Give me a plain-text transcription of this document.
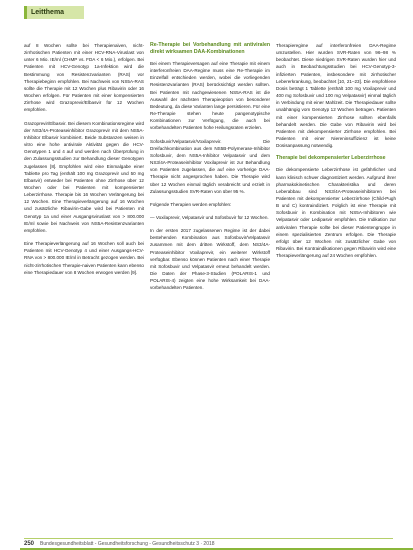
Leitthema

auf 8 Wochen sollte bei Therapienaiven, nicht-zirrhotischen Patienten mit einer HCV-RNA-Viruslast von unter 6 Mio. IE/ml (CHMP vs. FDA < 6 Mio.), erfolgen. Bei Patienten mit HCV-Genotyp 1a-Infektion wird die Bestimmung von Resistenzvarianten (RAS) vor Therapiebeginn empfohlen. Bei Nachweis von NS5A-RAS sollte die Therapie mit 12 Wochen plus Ribavirin oder 16 Wochen erfolgen. Für Patienten mit einer kompensierten Zirrhose wird Grazoprevir/Elbasvir für 12 Wochen empfohlen.

Grazoprevir/Elbasvir. Bei diesem Kombinationsregime wird der NS3/4A-Proteaseinhibitor Grazoprevir mit dem NS5A-Inhibitor Elbasvir kombiniert. Beide Substanzen weisen in vitro eine hohe antivirale Aktivität gegen die HCV-Genotypen 1 und 4 auf und werden nach Überprüfung in den Zulassungsstudien zur Behandlung dieser Genotypen zugelassen [8]. Empfohlen wird eine Einmalgabe einer Tablette pro Tag (enthält 100 mg Grazoprevir und 50 mg Elbasvir) entweder bei Patienten ohne Zirrhose über 12 Wochen oder bei Patienten mit kompensierter Leberzirrhose. Therapie bis 16 Wochen Verlängerung bei 12 Wochen. Eine Therapieverlängerung auf 16 Wochen und zusätzliche Ribavirin-Gabe wird bei Patienten mit Genotyp 1a und einer Ausgangsviruslast von > 800.000 IE/ml sowie bei Nachweis von NS5A-Resistenzvarianten empfohlen.

Eine Therapieverlängerung auf 16 Wochen soll auch bei Patienten mit HCV-Genotyp 4 und einer Ausgangs-HCV-RNA von > 800.000 IE/ml in Betracht gezogen werden. Bei nicht-zirrhotischen Therapie-naiven Patienten kann ebenso eine Therapiedauer von 8 Wochen erwogen werden [9].

Re-Therapie bei Vorbehandlung mit antiviralen direkt wirksamen DAA-Kombinationen

Bei einem Therapieversagen auf eine Therapie mit einem interferonfreien DAA-Regime muss eine Re-Therapie im Einzelfall entschieden werden, wobei die vorliegenden Resistenzvarianten (RAS) berücksichtigt werden sollten. Bei Patienten mit nachgewiesenen NS5A-RAS ist die Auswahl der nächsten Therapieoption von besonderer Bedeutung, da diese Varianten lange persistieren. Für eine Re-Therapie stehen heute pangenotypische Kombinationen zur Verfügung, die auch bei vorbehandelten Patienten hohe Heilungsraten erzielen.

Sofosbuvir/Velpatasvir/Voxilaprevir. Die Dreifachkombination aus dem NS5B-Polymerase-Inhibitor Sofosbuvir, dem NS5A-Inhibitor Velpatasvir und dem NS3/4A-Proteaseinhibitor Voxilaprevir ist zur Behandlung von Patienten zugelassen, die auf eine vorherige DAA-Therapie nicht angesprochen haben. Die Therapie wird über 12 Wochen einmal täglich verabreicht und erzielt in Zulassungsstudien SVR-Raten von über 95 %.

Folgende Therapien werden empfohlen:

— Voxilaprevir, Velpatasvir und Sofosbuvir für 12 Wochen.

In der ersten 2017 zugelassenen Regime ist der dabei bestehenden Kombination aus Sofosbuvir/Velpatasvir zusammen mit dem dritten Wirkstoff, dem NS3/4A-Proteaseinhibitor Voxilaprevir, ein weiterer Wirkstoff verfügbar. Ebenso können Patienten nach einer Therapie mit Sofosbuvir und Velpatasvir erneut behandelt werden. Die Daten der Phase-3-Studien (POLARIS-1 und POLARIS-4) zeigten eine hohe Wirksamkeit bei DAA-vorbehandelten Patienten.

Therapieregime auf interferonfreien DAA-Regime umzustellen. Hier wurden SVR-Raten von 96–98 % beobachtet. Diese niedrigen SVR-Raten wurden hier und auch in Beobachtungsstudien bei HCV-Genotyp-3-infizierten Patienten, insbesondere mit zirrhotischer Lebererkrankung, beobachtet [10, 21–23]. Die empfohlene Dosis beträgt 1 Tablette (enthält 100 mg Voxilaprevir und 400 mg Sofosbuvir und 100 mg Velpatasvir) einmal täglich in Verbindung mit einer Mahlzeit. Die Therapiedauer sollte unabhängig vom Genotyp 12 Wochen betragen. Patienten mit einer kompensierten Zirrhose sollten ebenfalls behandelt werden. Die Gabe von Ribavirin wird bei Patienten mit dekompensierter Zirrhose empfohlen. Bei Patienten mit einer Niereninsuffizienz ist keine Dosisanpassung notwendig.

Therapie bei dekompensierter Leberzirrhose

Die dekompensierte Leberzirrhose ist gefährlicher und kann klinisch schwer diagnostiziert werden. Aufgrund ihrer pharmakokinetischen Charakteristika und deren Leberabbau sind NS3/4A-Proteaseinhibitoren bei Patienten mit dekompensierter Leberzirrhose (Child-Pugh B und C) kontraindiziert. Folglich ist eine Therapie mit Sofosbuvir in Kombination mit NS5A-Inhibitoren wie Velpatasvir oder Ledipasvir empfohlen. Die Indikation zur antiviralen Therapie sollte bei dieser Patientengruppe in einem spezialisierten Zentrum erfolgen. Die Therapie erfolgt über 12 Wochen mit zusätzlicher Gabe von Ribavirin. Bei Kontraindikationen gegen Ribavirin wird eine Therapieverlängerung auf 24 Wochen empfohlen.

250 Bundesgesundheitsblatt - Gesundheitsforschung - Gesundheitsschutz 3 · 2018
